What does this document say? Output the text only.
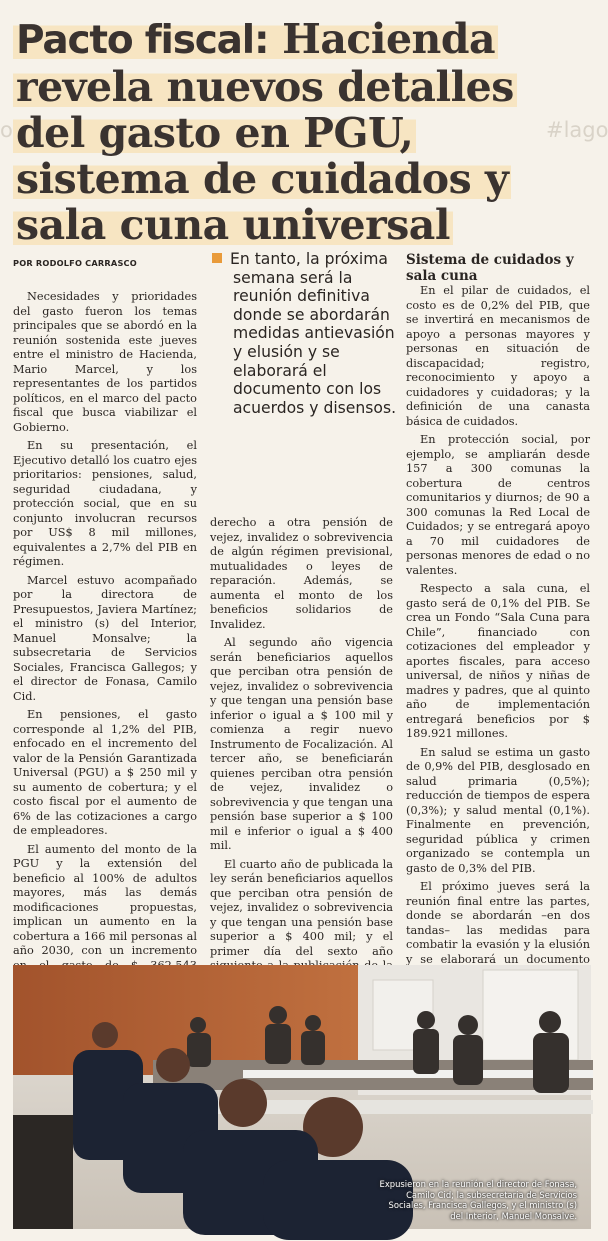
o	#lago
Pacto fiscal: Hacienda revela nuevos detalles del gasto en PGU, sistema de cuidados y sala cuna universal
POR RODOLFO CARRASCO

Necesidades y prioridades del gasto fueron los temas principales que se abordó en la reunión sostenida este jueves entre el ministro de Hacienda, Mario Marcel, y los representantes de los partidos políticos, en el marco del pacto fiscal que busca viabilizar el Gobierno.

En su presentación, el Ejecutivo detalló los cuatro ejes prioritarios: pensiones, salud, seguridad ciudadana, y protección social, que en su conjunto involucran recursos por US$ 8 mil millones, equivalentes a 2,7% del PIB en régimen.

Marcel estuvo acompañado por la directora de Presupuestos, Javiera Martínez; el ministro (s) del Interior, Manuel Monsalve; la subsecretaria de Servicios Sociales, Francisca Gallegos; y el director de Fonasa, Camilo Cid.

En pensiones, el gasto corresponde al 1,2% del PIB, enfocado en el incremento del valor de la Pensión Garantizada Universal (PGU) a $ 250 mil y su aumento de cobertura; y el costo fiscal por el aumento de 6% de las cotizaciones a cargo de empleadores.

El aumento del monto de la PGU y la extensión del beneficio al 100% de adultos mayores, más las demás modificaciones propuestas, implican un aumento en la cobertura a 166 mil personas al año 2030, con un incremento

En tanto, la próxima semana será la reunión definitiva donde se abordarán medidas antievasión y elusión y se elaborará el documento con los acuerdos y disensos.

derecho a otra pensión de vejez, invalidez o sobrevivencia de algún régimen previsional, mutualidades o leyes de reparación. Además, se aumenta el monto de los beneficios solidarios de Invalidez.

Al segundo año vigencia serán beneficiarios aquellos que perciban otra pensión de vejez, invalidez o sobrevivencia y que tengan una pensión base inferior o igual a $ 100 mil y comienza a regir nuevo Instrumento de Focalización. Al tercer año, se beneficiarán quienes perciban otra pensión de vejez, invalidez o sobrevivencia y que tengan una pensión base superior a $ 100 mil e inferior o igual a $ 400 mil.

El cuarto año de publicada la ley serán beneficiarios aquellos que perciban otra pensión de vejez, invalidez o sobrevivencia y que tengan una pensión base superior a $ 400 mil; y el primer día del sexto año

Sistema de cuidados y sala cuna

En el pilar de cuidados, el costo es de 0,2% del PIB, que se invertirá en mecanismos de apoyo a personas mayores y personas en situación de discapacidad; registro, reconocimiento y apoyo a cuidadores y cuidadoras; y la definición de una canasta básica de cuidados.

En protección social, por ejemplo, se ampliarán desde 157 a 300 comunas la cobertura de centros comunitarios y diurnos; de 90 a 300 comunas la Red Local de Cuidados; y se entregará apoyo a 70 mil cuidadores de personas menores de edad o no valentes.

Respecto a sala cuna, el gasto será de 0,1% del PIB. Se crea un Fondo “Sala Cuna para Chile”, financiado con cotizaciones del empleador y aportes fiscales, para acceso universal, de niños y niñas de madres y padres, que al quinto año de implementación entregará beneficios por $ 189.921 millones.

En salud se estima un gasto de 0,9% del PIB, desglosado en salud primaria (0,5%); reducción de tiempos de espera (0,3%); y salud mental (0,1%). Finalmente en prevención, seguridad pública y crimen organizado se contempla un gasto de 0,3% del PIB.

El próximo jueves será la reunión final entre las partes, donde se abordarán –en dos tandas– las medidas para combatir la evasión y la elusión y se elaborará un documento

Expusieron en la reunión el director de Fonasa, Camilo Cid; la subsecretaria de Servicios Sociales, Francisca Gallegos, y el ministro (s) del Interior, Manuel Monsalve.
